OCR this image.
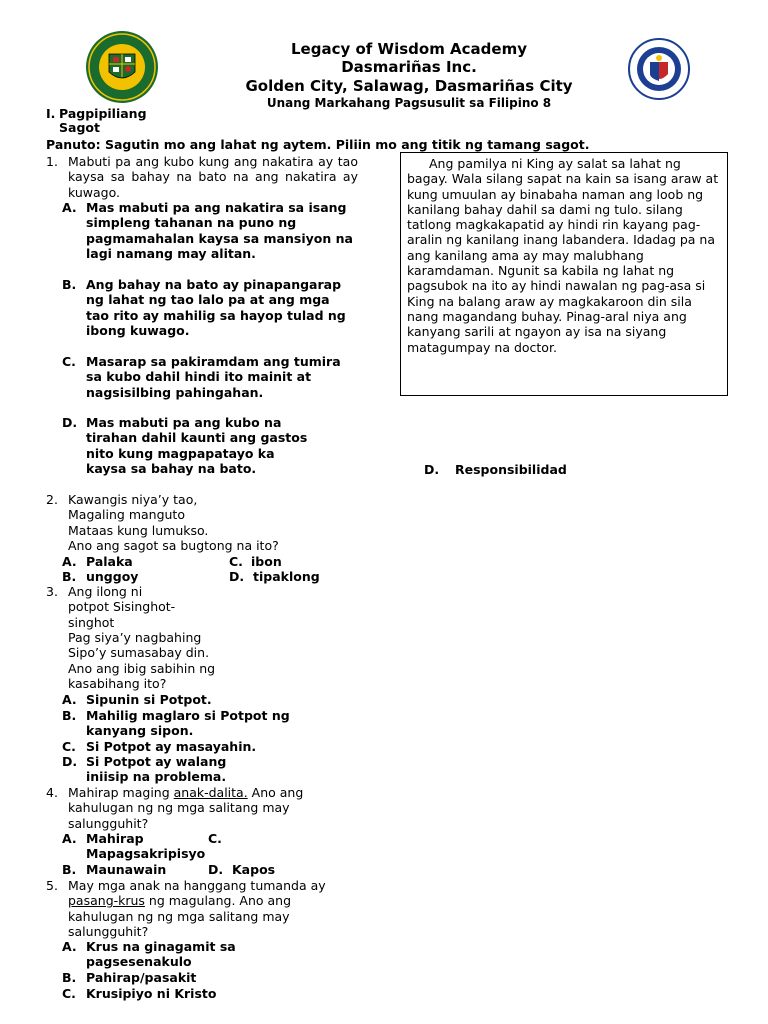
Legacy of Wisdom Academy
Dasmariñas Inc.
Golden City, Salawag, Dasmariñas City
Unang Markahang Pagsusulit sa Filipino 8
I. Pagpipiliang Sagot
Panuto: Sagutin mo ang lahat ng aytem. Piliin mo ang titik ng tamang sagot.

Ang pamilya ni King ay salat sa lahat ng bagay. Wala silang sapat na kain sa isang araw at kung umuulan ay binabaha naman ang loob ng kanilang bahay dahil sa dami ng tulo. silang tatlong magkakapatid ay hindi rin kayang pag-aralin ng kanilang inang labandera. Idadag pa na ang kanilang ama ay may malubhang karamdaman. Ngunit sa kabila ng lahat ng pagsubok na ito ay hindi nawalan ng pag-asa si King na balang araw ay magkakaroon din sila nang magandang buhay. Pinag-aral niya ang kanyang sarili at ngayon ay isa na siyang matagumpay na doctor.

1. Mabuti pa ang kubo kung ang nakatira ay tao kaysa sa bahay na bato na ang nakatira ay kuwago.
A. Mas mabuti pa ang nakatira sa isang simpleng tahanan na puno ng pagmamahalan kaysa sa mansiyon na lagi namang may alitan.
B. Ang bahay na bato ay pinapangarap ng lahat ng tao lalo pa at ang mga tao rito ay mahilig sa hayop tulad ng ibong kuwago.
C. Masarap sa pakiramdam ang tumira sa kubo dahil hindi ito mainit at nagsisilbing pahingahan.
D. Mas mabuti pa ang kubo na tirahan dahil kaunti ang gastos nito kung magpapatayo ka kaysa sa bahay na bato.	D. Responsibilidad
2. Kawangis niya’y tao,
Magaling manguto
Mataas kung lumukso.
Ano ang sagot sa bugtong na ito?
A. Palaka	C. ibon
B. unggoy	D. tipaklong
3. Ang ilong ni
potpot Sisinghot-
singhot
Pag siya’y nagbahing
Sipo’y sumasabay din.
Ano ang ibig sabihin ng
kasabihang ito?
A. Sipunin si Potpot.
B. Mahilig maglaro si Potpot ng kanyang sipon.
C. Si Potpot ay masayahin.
D. Si Potpot ay walang iniisip na problema.
4. Mahirap maging anak-dalita. Ano ang kahulugan ng ng mga salitang may salungguhit?
A. Mahirap	C.
Mapagsakripisyo
B. Maunawain	D. Kapos
5. May mga anak na hanggang tumanda ay pasang-krus ng magulang. Ano ang kahulugan ng ng mga salitang may salungguhit?
A. Krus na ginagamit sa pagsesenakulo
B. Pahirap/pasakit
C. Krusipiyo ni Kristo
